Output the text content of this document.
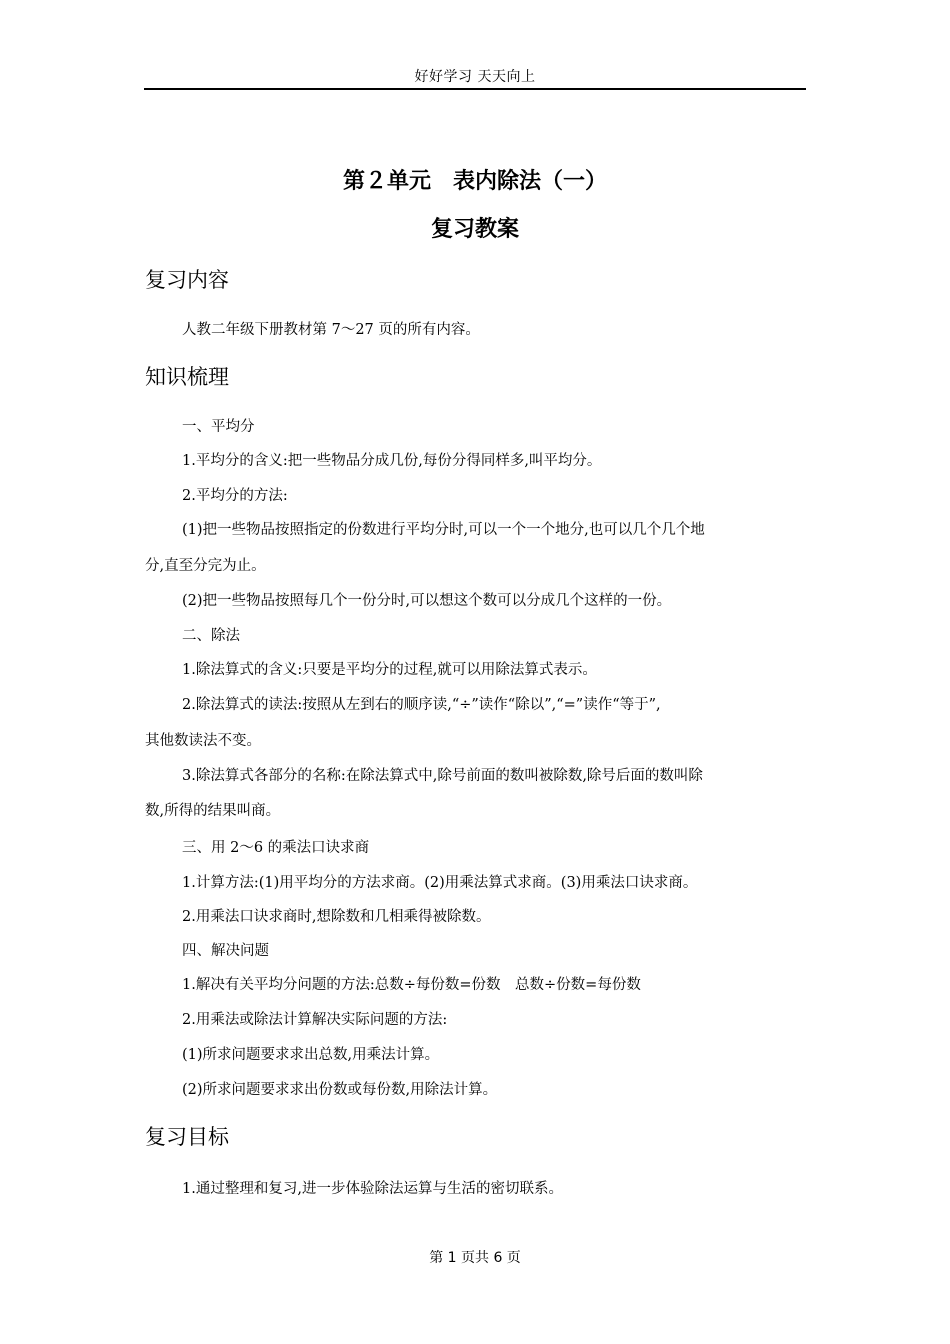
好好学习 天天向上
第２单元　表内除法（一）
复习教案
复习内容
人教二年级下册教材第 7～27 页的所有内容。
知识梳理
一、平均分
1.平均分的含义:把一些物品分成几份,每份分得同样多,叫平均分。
2.平均分的方法:
(1)把一些物品按照指定的份数进行平均分时,可以一个一个地分,也可以几个几个地
分,直至分完为止。
(2)把一些物品按照每几个一份分时,可以想这个数可以分成几个这样的一份。
二、除法
1.除法算式的含义:只要是平均分的过程,就可以用除法算式表示。
2.除法算式的读法:按照从左到右的顺序读,“÷”读作“除以”,“=”读作“等于”,
其他数读法不变。
3.除法算式各部分的名称:在除法算式中,除号前面的数叫被除数,除号后面的数叫除
数,所得的结果叫商。
三、用 2～6 的乘法口诀求商
1.计算方法:(1)用平均分的方法求商。(2)用乘法算式求商。(3)用乘法口诀求商。
2.用乘法口诀求商时,想除数和几相乘得被除数。
四、解决问题
1.解决有关平均分问题的方法:总数÷每份数=份数　总数÷份数=每份数
2.用乘法或除法计算解决实际问题的方法:
(1)所求问题要求求出总数,用乘法计算。
(2)所求问题要求求出份数或每份数,用除法计算。
复习目标
1.通过整理和复习,进一步体验除法运算与生活的密切联系。
第 1 页共 6 页
